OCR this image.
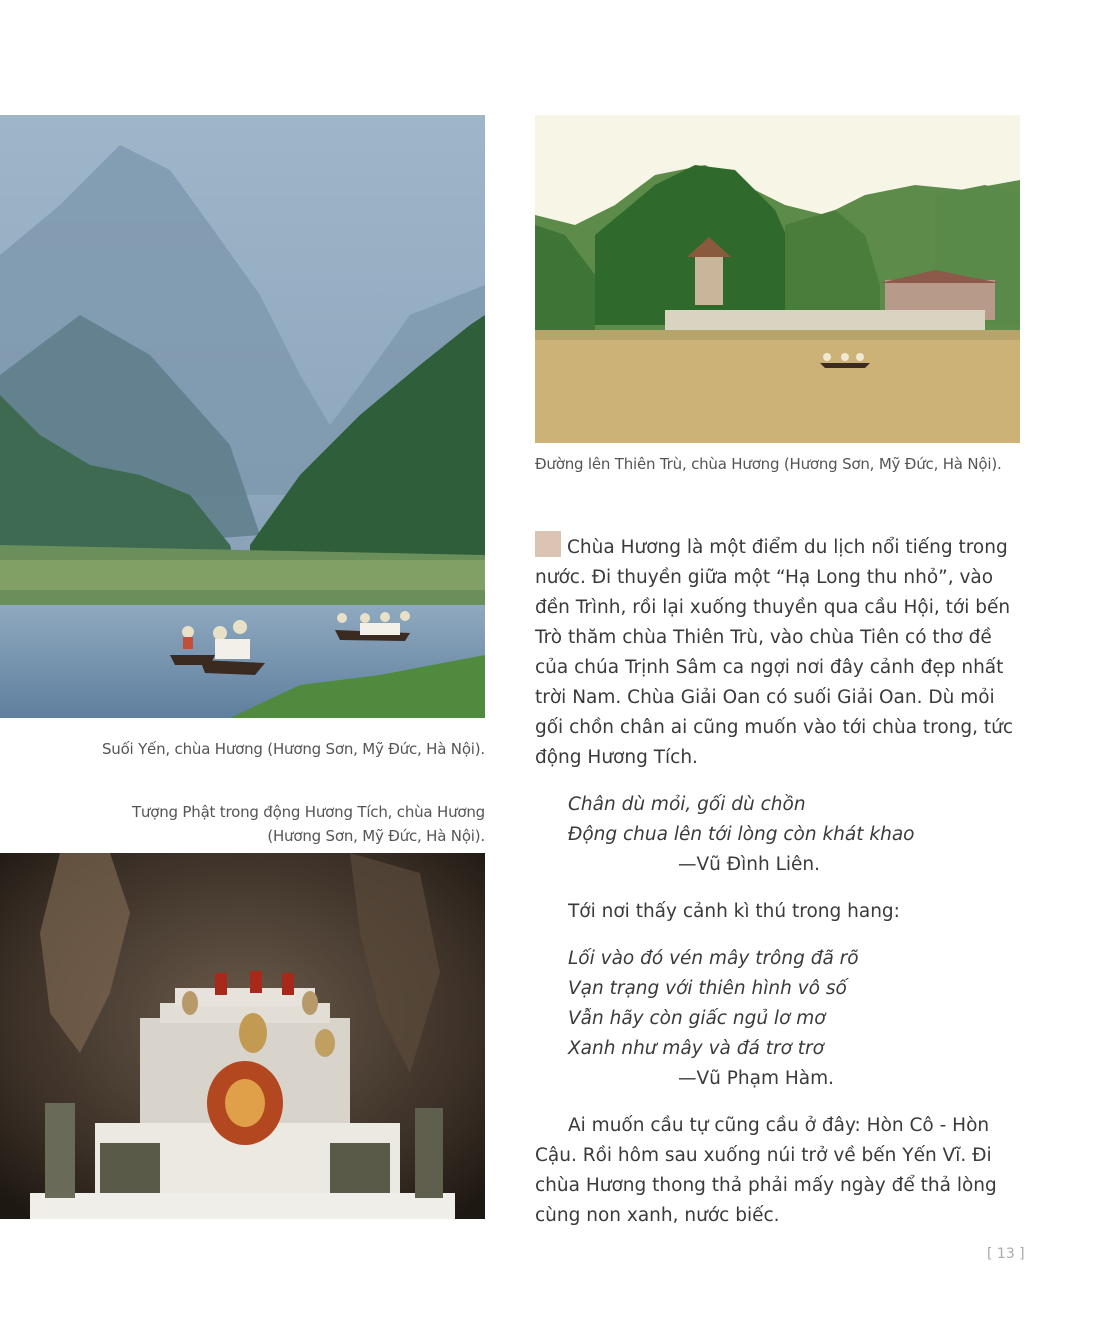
Suối Yến, chùa Hương (Hương Sơn, Mỹ Đức, Hà Nội).
Đường lên Thiên Trù, chùa Hương (Hương Sơn, Mỹ Đức, Hà Nội).
Tượng Phật trong động Hương Tích, chùa Hương
(Hương Sơn, Mỹ Đức, Hà Nội).

Chùa Hương là một điểm du lịch nổi tiếng trong
nước. Đi thuyền giữa một “Hạ Long thu nhỏ”, vào
đền Trình, rồi lại xuống thuyền qua cầu Hội, tới bến
Trò thăm chùa Thiên Trù, vào chùa Tiên có thơ đề
của chúa Trịnh Sâm ca ngợi nơi đây cảnh đẹp nhất
trời Nam. Chùa Giải Oan có suối Giải Oan. Dù mỏi
gối chồn chân ai cũng muốn vào tới chùa trong, tức
động Hương Tích.

Chân dù mỏi, gối dù chồn
Động chua lên tới lòng còn khát khao

—Vũ Đình Liên.

Tới nơi thấy cảnh kì thú trong hang:

Lối vào đó vén mây trông đã rõ
Vạn trạng với thiên hình vô số
Vẫn hãy còn giấc ngủ lơ mơ
Xanh như mây và đá trơ trơ

—Vũ Phạm Hàm.

Ai muốn cầu tự cũng cầu ở đây: Hòn Cô - Hòn
Cậu. Rồi hôm sau xuống núi trở về bến Yến Vĩ. Đi
chùa Hương thong thả phải mấy ngày để thả lòng
cùng non xanh, nước biếc.

[ 13 ]
